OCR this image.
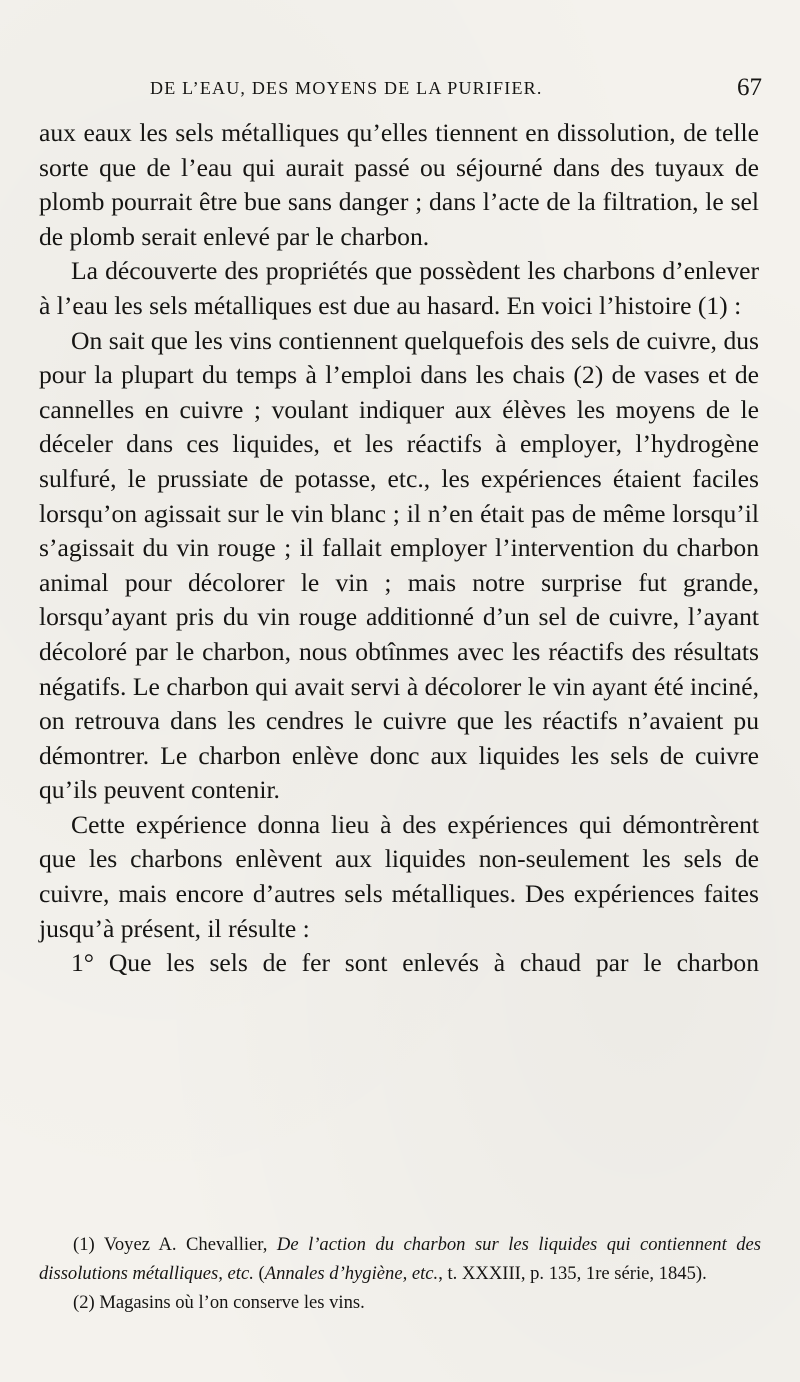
DE L’EAU, DES MOYENS DE LA PURIFIER.	67

aux eaux les sels métalliques qu’elles tiennent en dissolution, de telle sorte que de l’eau qui aurait passé ou séjourné dans des tuyaux de plomb pourrait être bue sans danger ; dans l’acte de la filtration, le sel de plomb serait enlevé par le charbon.

La découverte des propriétés que possèdent les charbons d’enlever à l’eau les sels métalliques est due au hasard. En voici l’histoire (1) :

On sait que les vins contiennent quelquefois des sels de cuivre, dus pour la plupart du temps à l’emploi dans les chais (2) de vases et de cannelles en cuivre ; voulant indiquer aux élèves les moyens de le déceler dans ces liquides, et les réactifs à employer, l’hydrogène sulfuré, le prussiate de potasse, etc., les expériences étaient faciles lorsqu’on agissait sur le vin blanc ; il n’en était pas de même lorsqu’il s’agissait du vin rouge ; il fallait employer l’intervention du charbon animal pour décolorer le vin ; mais notre surprise fut grande, lorsqu’ayant pris du vin rouge additionné d’un sel de cuivre, l’ayant décoloré par le charbon, nous obtînmes avec les réactifs des résultats négatifs. Le charbon qui avait servi à décolorer le vin ayant été inciné, on retrouva dans les cendres le cuivre que les réactifs n’avaient pu démontrer. Le charbon enlève donc aux liquides les sels de cuivre qu’ils peuvent contenir.

Cette expérience donna lieu à des expériences qui démontrèrent que les charbons enlèvent aux liquides non-seulement les sels de cuivre, mais encore d’autres sels métalliques. Des expériences faites jusqu’à présent, il résulte :

1° Que les sels de fer sont enlevés à chaud par le charbon

(1) Voyez A. Chevallier, De l’action du charbon sur les liquides qui contiennent des dissolutions métalliques, etc. (Annales d’hygiène, etc., t. XXXIII, p. 135, 1re série, 1845).

(2) Magasins où l’on conserve les vins.
